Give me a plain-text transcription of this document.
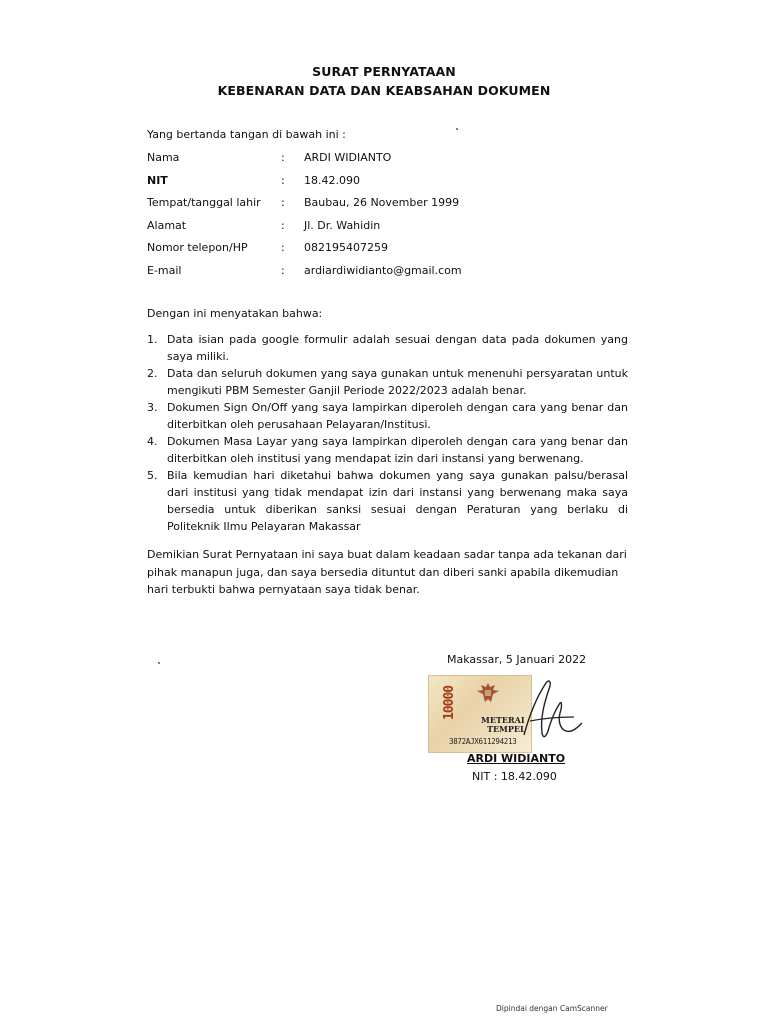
SURAT PERNYATAAN
KEBENARAN DATA DAN KEABSAHAN DOKUMEN
Yang bertanda tangan di bawah ini :
Nama	: ARDI WIDIANTO
NIT	: 18.42.090
Tempat/tanggal lahir : Baubau, 26 November 1999
Alamat	: Jl. Dr. Wahidin
Nomor telepon/HP	: 082195407259
E-mail	: ardiardiwidianto@gmail.com
Dengan ini menyatakan bahwa:
1. Data isian pada google formulir adalah sesuai dengan data pada dokumen yang saya miliki.
2. Data dan seluruh dokumen yang saya gunakan untuk menenuhi persyaratan untuk mengikuti PBM Semester Ganjil Periode 2022/2023 adalah benar.
3. Dokumen Sign On/Off yang saya lampirkan diperoleh dengan cara yang benar dan diterbitkan oleh perusahaan Pelayaran/Institusi.
4. Dokumen Masa Layar yang saya lampirkan diperoleh dengan cara yang benar dan diterbitkan oleh institusi yang mendapat izin dari instansi yang berwenang.
5. Bila kemudian hari diketahui bahwa dokumen yang saya gunakan palsu/berasal dari institusi yang tidak mendapat izin dari instansi yang berwenang maka saya bersedia untuk diberikan sanksi sesuai dengan Peraturan yang berlaku di Politeknik Ilmu Pelayaran Makassar
Demikian Surat Pernyataan ini saya buat dalam keadaan sadar tanpa ada tekanan dari pihak manapun juga, dan saya bersedia dituntut dan diberi sanki apabila dikemudian hari terbukti bahwa pernyataan saya tidak benar.
Makassar, 5 Januari 2022
10000	METERAI
TEMPEL
3872AJX611294213
ARDI WIDIANTO
NIT : 18.42.090
Dipindai dengan CamScanner
